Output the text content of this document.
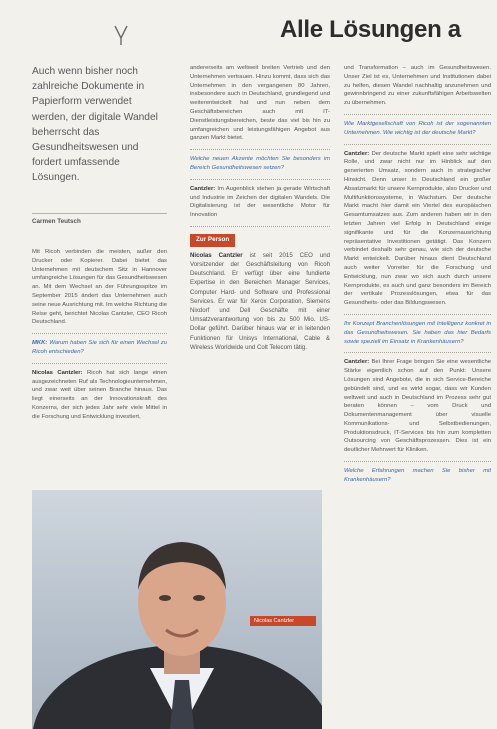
Alle Lösungen a
Auch wenn bisher noch zahlreiche Dokumente in Papierform verwendet werden, der digitale Wandel beherrscht das Gesundheitswesen und fordert umfassende Lösungen.
Carmen Teutsch

Mit Ricoh verbinden die meisten, außer den Drucker oder Kopierer. Dabei bietet das Unternehmen mit deutschem Sitz in Hannover umfangreiche Lösungen für das Gesundheitswesen an. Mit dem Wechsel an der Führungsspitze im September 2015 ändert das Unternehmen auch seine neue Ausrichtung mit. Im welche Richtung die Reise geht, berichtet Nicolas Cantzler, CEO Ricoh Deutschland.

MKK: Warum haben Sie sich für einen Wechsel zu Ricoh entschieden?

Nicolas Cantzler: Ricoh hat sich lange einen ausgezeichneten Ruf als Technologieunternehmen, und zwar weit über seinen Branche hinaus. Das liegt einerseits an der Innovationskraft des Konzerns, der sich jedes Jahr sehr viele Mittel in die Forschung und Entwicklung investiert,

andererseits am weltweit breiten Vertrieb und den Unternehmen vertrauen. Hinzu kommt, dass sich das Unternehmen in den vergangenen 80 Jahren, insbesondere auch in Deutschland, grundlegend und weiterentwickelt hat und nun neben dem Geschäftsbereichen auch mit IT-Dienstleistungsbereichen, beste das viel bis hin zu umfangreichen und leistungsfähigen Angebot aus ganzen Markt bietet.

Welche neuen Akzente möchten Sie besonders im Bereich Gesundheitswesen setzen?

Cantzler: Im Augenblick stehen ja gerade Wirtschaft und Industrie im Zeichen der digitalen Wandels. Die Digitalisierung ist der wesentliche Motor für Innovation

Zur Person
Nicolas Cantzler ist seit 2015 CEO und Vorsitzender der Geschäftsleitung von Ricoh Deutschland. Er verfügt über eine fundierte Expertise in den Bereichen Manager Services, Computer Hard- und Software und Professional Services. Er war für Xerox Corporation, Siemens Nixdorf und Dell Geschäfte mit einer Umsatzverantwortung von bis zu 500 Mio. US-Dollar geführt. Darüber hinaus war er in leitenden Funktionen für Unisys International, Cable & Wireless Worldwide und Colt Telecom tätig.

und Transformation – auch im Gesundheitswesen. Unser Ziel ist es, Unternehmen und Institutionen dabei zu helfen, diesen Wandel nachhaltig anzunehmen und gewinnbringend zu einer zukunftsfähigen Arbeitswelten zu übernehmen.

Wie Marktgesellschaft von Ricoh ist der sogenannten Unternehmen. Wie wichtig ist der deutsche Markt?

Cantzler: Der deutsche Markt spielt eine sehr wichtige Rolle, und zwar nicht nur im Hinblick auf den generierten Umsatz, sondern auch in strategischer Hinsicht. Denn unser in Deutschland ein großer Absatzmarkt für unsere Kernprodukte, also Drucker und Multifunktionssysteme, in Wachstum. Der deutsche Markt macht hier damit ein Viertel des europäischen Gesamtumsatzes aus. Zum anderen haben wir in den letzten Jahren viel Erfolg in Deutschland einige signifikante und für die Konzernausrichtung repräsentative Investitionen getätigt. Das Konzern verbindet deshalb sehr genau, wie sich der deutsche Markt entwickelt. Darüber hinaus dient Deutschland auch weiter Vorreiter für die Forschung und Entwicklung, nun zwar wo sich auch durch unsere Kernprodukte, es auch und ganz besonders im Bereich der vertikale Prozesslösungen, etwa für das Gesundheits- oder das Bildungswesen.

Ihr Konzept Branchenlösungen mit Intelligenz konkret in das Gesundheitswesen. Sie haben das hier Bedarfs sowie speziell im Einsatz in Krankenhäusern?

Cantzler: Bei Ihrer Frage bringen Sie eine wesentliche Stärke eigentlich schon auf den Punkt: Unsere Lösungen sind Angebote, die in sich Service-Bereiche gebündelt sind, und es wirkt sogar, dass wir Kunden weltweit und auch in Deutschland im Prozess sehr gut beraten können – vom Druck und Dokumentenmanagement über visuelle Kommunikations- und Selbstbedienungen, Produktionsdruck, IT-Services bis hin zum kompletten Outsourcing von Geschäftsprozessen. Dies ist ein deutlicher Mehrwert für Kliniken.

Welche Erfahrungen machen Sie bisher mit Krankenhäusern?

Nicolas Cantzler
